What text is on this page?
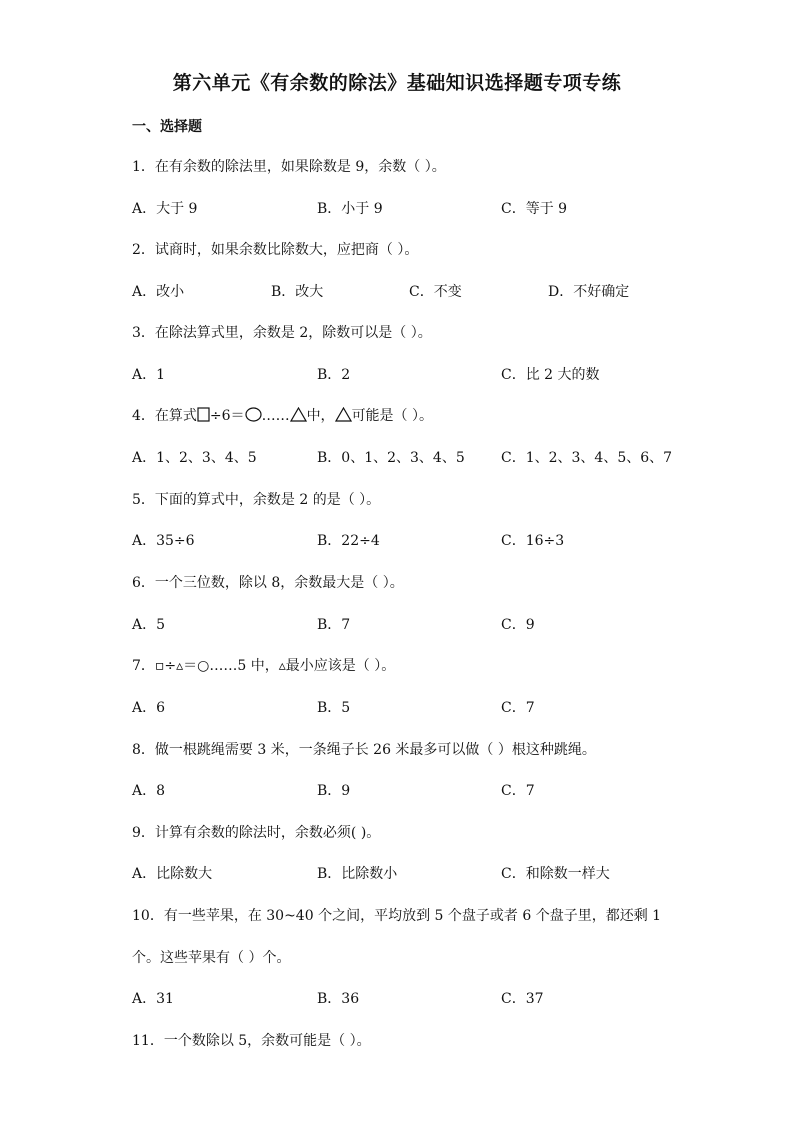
第六单元《有余数的除法》基础知识选择题专项专练
一、选择题
1．在有余数的除法里，如果除数是 9，余数（ ）。
A．大于 9	B．小于 9	C．等于 9
2．试商时，如果余数比除数大，应把商（ ）。
A．改小	B．改大	C．不变	D．不好确定
3．在除法算式里，余数是 2，除数可以是（ ）。
A．1	B．2	C．比 2 大的数
4．在算式 ÷6＝ …… 中， 可能是（ ）。
A．1、2、3、4、5	B．0、1、2、3、4、5	C．1、2、3、4、5、6、7
5．下面的算式中，余数是 2 的是（ ）。
A．35÷6	B．22÷4	C．16÷3
6．一个三位数，除以 8，余数最大是（ ）。
A．5	B．7	C．9
7．▫÷▵＝○……5 中，▵最小应该是（ ）。
A．6	B．5	C．7
8．做一根跳绳需要 3 米，一条绳子长 26 米最多可以做（ ）根这种跳绳。
A．8	B．9	C．7
9．计算有余数的除法时，余数必须( )。
A．比除数大	B．比除数小	C．和除数一样大
10．有一些苹果，在 30~40 个之间，平均放到 5 个盘子或者 6 个盘子里，都还剩 1
个。这些苹果有（ ）个。
A．31	B．36	C．37
11．一个数除以 5，余数可能是（ ）。
